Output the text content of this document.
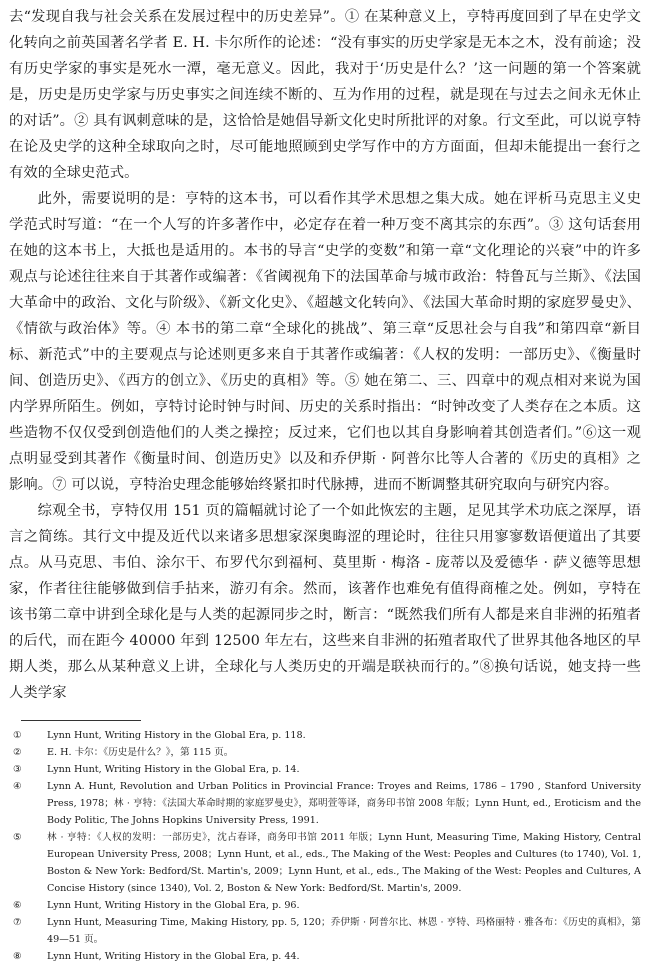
去“发现自我与社会关系在发展过程中的历史差异”。① 在某种意义上，亨特再度回到了早在史学文化转向之前英国著名学者 E. H. 卡尔所作的论述：“没有事实的历史学家是无本之木，没有前途；没有历史学家的事实是死水一潭，毫无意义。因此，我对于‘历史是什么？’这一问题的第一个答案就是，历史是历史学家与历史事实之间连续不断的、互为作用的过程，就是现在与过去之间永无休止的对话”。② 具有讽刺意味的是，这恰恰是她倡导新文化史时所批评的对象。行文至此，可以说亨特在论及史学的这种全球取向之时，尽可能地照顾到史学写作中的方方面面，但却未能提出一套行之有效的全球史范式。

此外，需要说明的是：亨特的这本书，可以看作其学术思想之集大成。她在评析马克思主义史学范式时写道：“在一个人写的许多著作中，必定存在着一种万变不离其宗的东西”。③ 这句话套用在她的这本书上，大抵也是适用的。本书的导言“史学的变数”和第一章“文化理论的兴衰”中的许多观点与论述往往来自于其著作或编著：《省阈视角下的法国革命与城市政治：特鲁瓦与兰斯》、《法国大革命中的政治、文化与阶级》、《新文化史》、《超越文化转向》、《法国大革命时期的家庭罗曼史》、《情欲与政治体》等。④ 本书的第二章“全球化的挑战”、第三章“反思社会与自我”和第四章“新目标、新范式”中的主要观点与论述则更多来自于其著作或编著：《人权的发明：一部历史》、《衡量时间、创造历史》、《西方的创立》、《历史的真相》等。⑤ 她在第二、三、四章中的观点相对来说为国内学界所陌生。例如，亨特讨论时钟与时间、历史的关系时指出：“时钟改变了人类存在之本质。这些造物不仅仅受到创造他们的人类之操控；反过来，它们也以其自身影响着其创造者们。”⑥这一观点明显受到其著作《衡量时间、创造历史》以及和乔伊斯 · 阿普尔比等人合著的《历史的真相》之影响。⑦ 可以说，亨特治史理念能够始终紧扣时代脉搏，进而不断调整其研究取向与研究内容。

综观全书，亨特仅用 151 页的篇幅就讨论了一个如此恢宏的主题，足见其学术功底之深厚，语言之简练。其行文中提及近代以来诸多思想家深奥晦涩的理论时，往往只用寥寥数语便道出了其要点。从马克思、韦伯、涂尔干、布罗代尔到福柯、莫里斯 · 梅洛 - 庞蒂以及爱德华 · 萨义德等思想家，作者往往能够做到信手拈来，游刃有余。然而，该著作也难免有值得商榷之处。例如，亨特在该书第二章中讲到全球化是与人类的起源同步之时，断言：“既然我们所有人都是来自非洲的拓殖者的后代，而在距今 40000 年到 12500 年左右，这些来自非洲的拓殖者取代了世界其他各地区的早期人类，那么从某种意义上讲，全球化与人类历史的开端是联袂而行的。”⑧换句话说，她支持一些人类学家

①	Lynn Hunt, Writing History in the Global Era, p. 118.
②	E. H. 卡尔：《历史是什么？》，第 115 页。
③	Lynn Hunt, Writing History in the Global Era, p. 14.
④	Lynn A. Hunt, Revolution and Urban Politics in Provincial France: Troyes and Reims, 1786 – 1790 , Stanford University Press, 1978；林 · 亨特：《法国大革命时期的家庭罗曼史》，郑明萱等译，商务印书馆 2008 年版；Lynn Hunt, ed., Eroticism and the Body Politic, The Johns Hopkins University Press, 1991.
⑤	林 · 亨特：《人权的发明：一部历史》，沈占春译，商务印书馆 2011 年版；Lynn Hunt, Measuring Time, Making History, Central European University Press, 2008；Lynn Hunt, et al., eds., The Making of the West: Peoples and Cultures (to 1740), Vol. 1, Boston & New York: Bedford/St. Martin's, 2009；Lynn Hunt, et al., eds., The Making of the West: Peoples and Cultures, A Concise History (since 1340), Vol. 2, Boston & New York: Bedford/St. Martin's, 2009.
⑥	Lynn Hunt, Writing History in the Global Era, p. 96.
⑦	Lynn Hunt, Measuring Time, Making History, pp. 5, 120；乔伊斯 · 阿普尔比、林恩 · 亨特、玛格丽特 · 雅各布：《历史的真相》，第 49—51 页。
⑧	Lynn Hunt, Writing History in the Global Era, p. 44.
